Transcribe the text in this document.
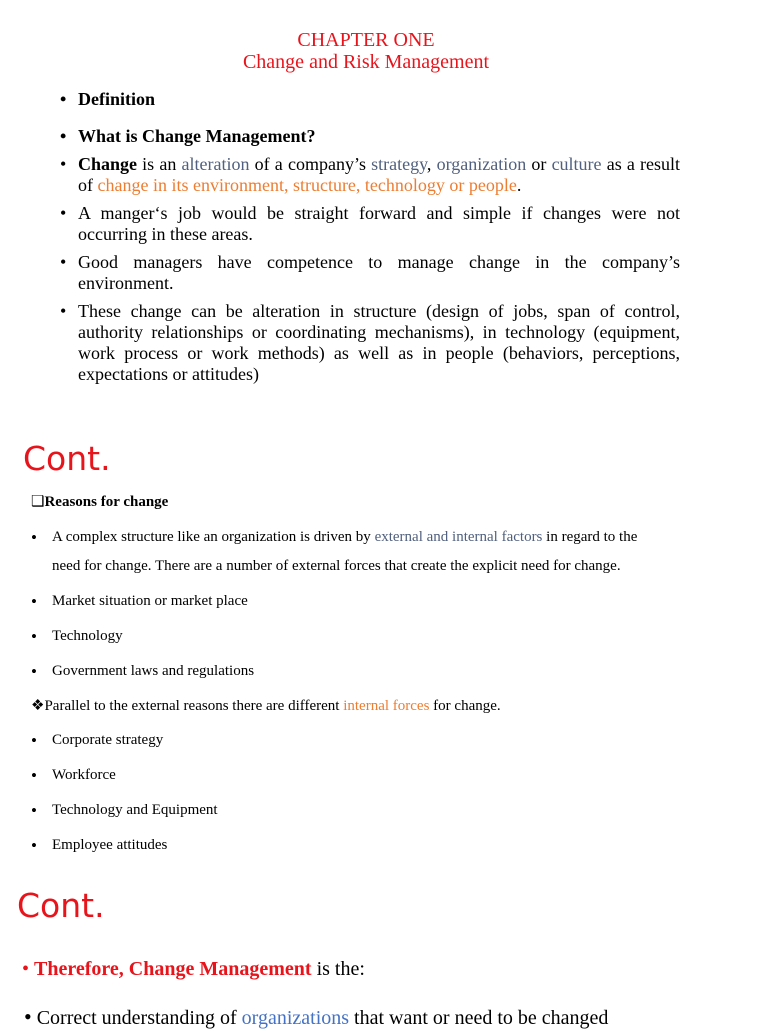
CHAPTER ONE
Change and Risk Management
• Definition
• What is Change Management?
• Change is an alteration of a company’s strategy, organization or culture as a result of change in its environment, structure, technology or people.
• A manger‘s job would be straight forward and simple if changes were not occurring in these areas.
• Good managers have competence to manage change in the company’s environment.
• These change can be alteration in structure (design of jobs, span of control, authority relationships or coordinating mechanisms), in technology (equipment, work process or work methods) as well as in people (behaviors, perceptions, expectations or attitudes)
Cont.
❑Reasons for change
• A complex structure like an organization is driven by external and internal factors in regard to the
need for change. There are a number of external forces that create the explicit need for change.
• Market situation or market place
• Technology
• Government laws and regulations
❖Parallel to the external reasons there are different internal forces for change.
• Corporate strategy
• Workforce
• Technology and Equipment
• Employee attitudes
Cont.
• Therefore, Change Management is the:
• Correct understanding of organizations that want or need to be changed
